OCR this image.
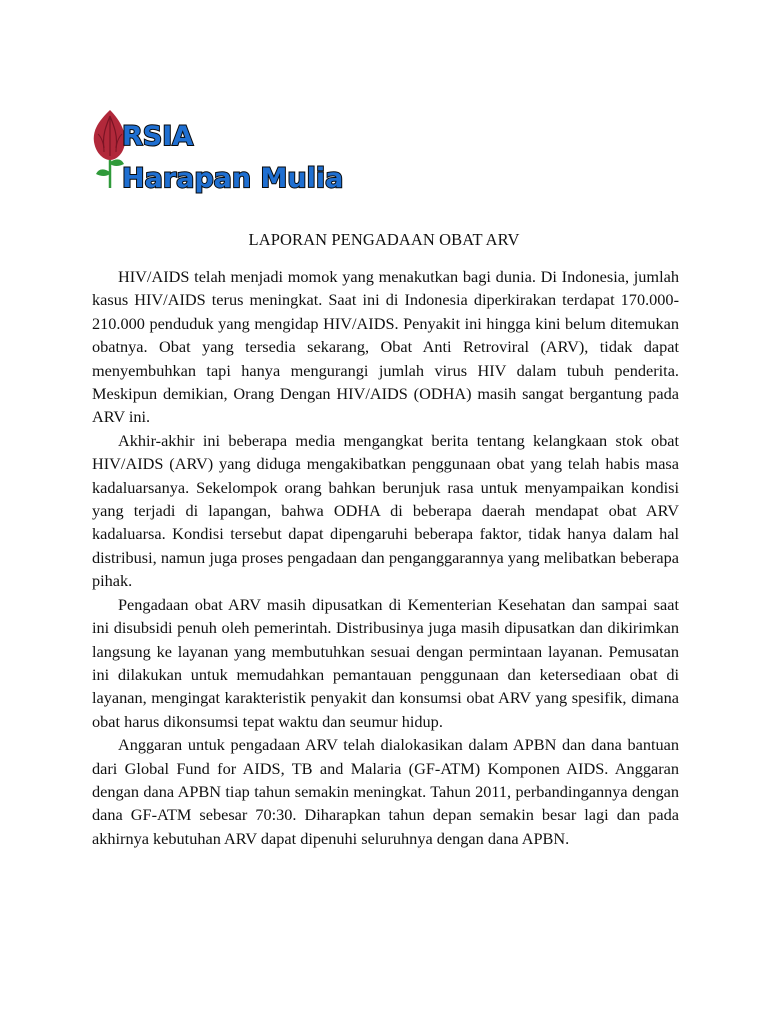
RSIA
Harapan Mulia
LAPORAN PENGADAAN OBAT ARV

HIV/AIDS telah menjadi momok yang menakutkan bagi dunia. Di Indonesia, jumlah kasus HIV/AIDS terus meningkat. Saat ini di Indonesia diperkirakan terdapat 170.000-210.000 penduduk yang mengidap HIV/AIDS. Penyakit ini hingga kini belum ditemukan obatnya. Obat yang tersedia sekarang, Obat Anti Retroviral (ARV), tidak dapat menyembuhkan tapi hanya mengurangi jumlah virus HIV dalam tubuh penderita. Meskipun demikian, Orang Dengan HIV/AIDS (ODHA) masih sangat bergantung pada ARV ini.

Akhir-akhir ini beberapa media mengangkat berita tentang kelangkaan stok obat HIV/AIDS (ARV) yang diduga mengakibatkan penggunaan obat yang telah habis masa kadaluarsanya. Sekelompok orang bahkan berunjuk rasa untuk menyampaikan kondisi yang terjadi di lapangan, bahwa ODHA di beberapa daerah mendapat obat ARV kadaluarsa. Kondisi tersebut dapat dipengaruhi beberapa faktor, tidak hanya dalam hal distribusi, namun juga proses pengadaan dan penganggarannya yang melibatkan beberapa pihak.

Pengadaan obat ARV masih dipusatkan di Kementerian Kesehatan dan sampai saat ini disubsidi penuh oleh pemerintah. Distribusinya juga masih dipusatkan dan dikirimkan langsung ke layanan yang membutuhkan sesuai dengan permintaan layanan. Pemusatan ini dilakukan untuk memudahkan pemantauan penggunaan dan ketersediaan obat di layanan, mengingat karakteristik penyakit dan konsumsi obat ARV yang spesifik, dimana obat harus dikonsumsi tepat waktu dan seumur hidup.

Anggaran untuk pengadaan ARV telah dialokasikan dalam APBN dan dana bantuan dari Global Fund for AIDS, TB and Malaria (GF-ATM) Komponen AIDS. Anggaran dengan dana APBN tiap tahun semakin meningkat. Tahun 2011, perbandingannya dengan dana GF-ATM sebesar 70:30. Diharapkan tahun depan semakin besar lagi dan pada akhirnya kebutuhan ARV dapat dipenuhi seluruhnya dengan dana APBN.
